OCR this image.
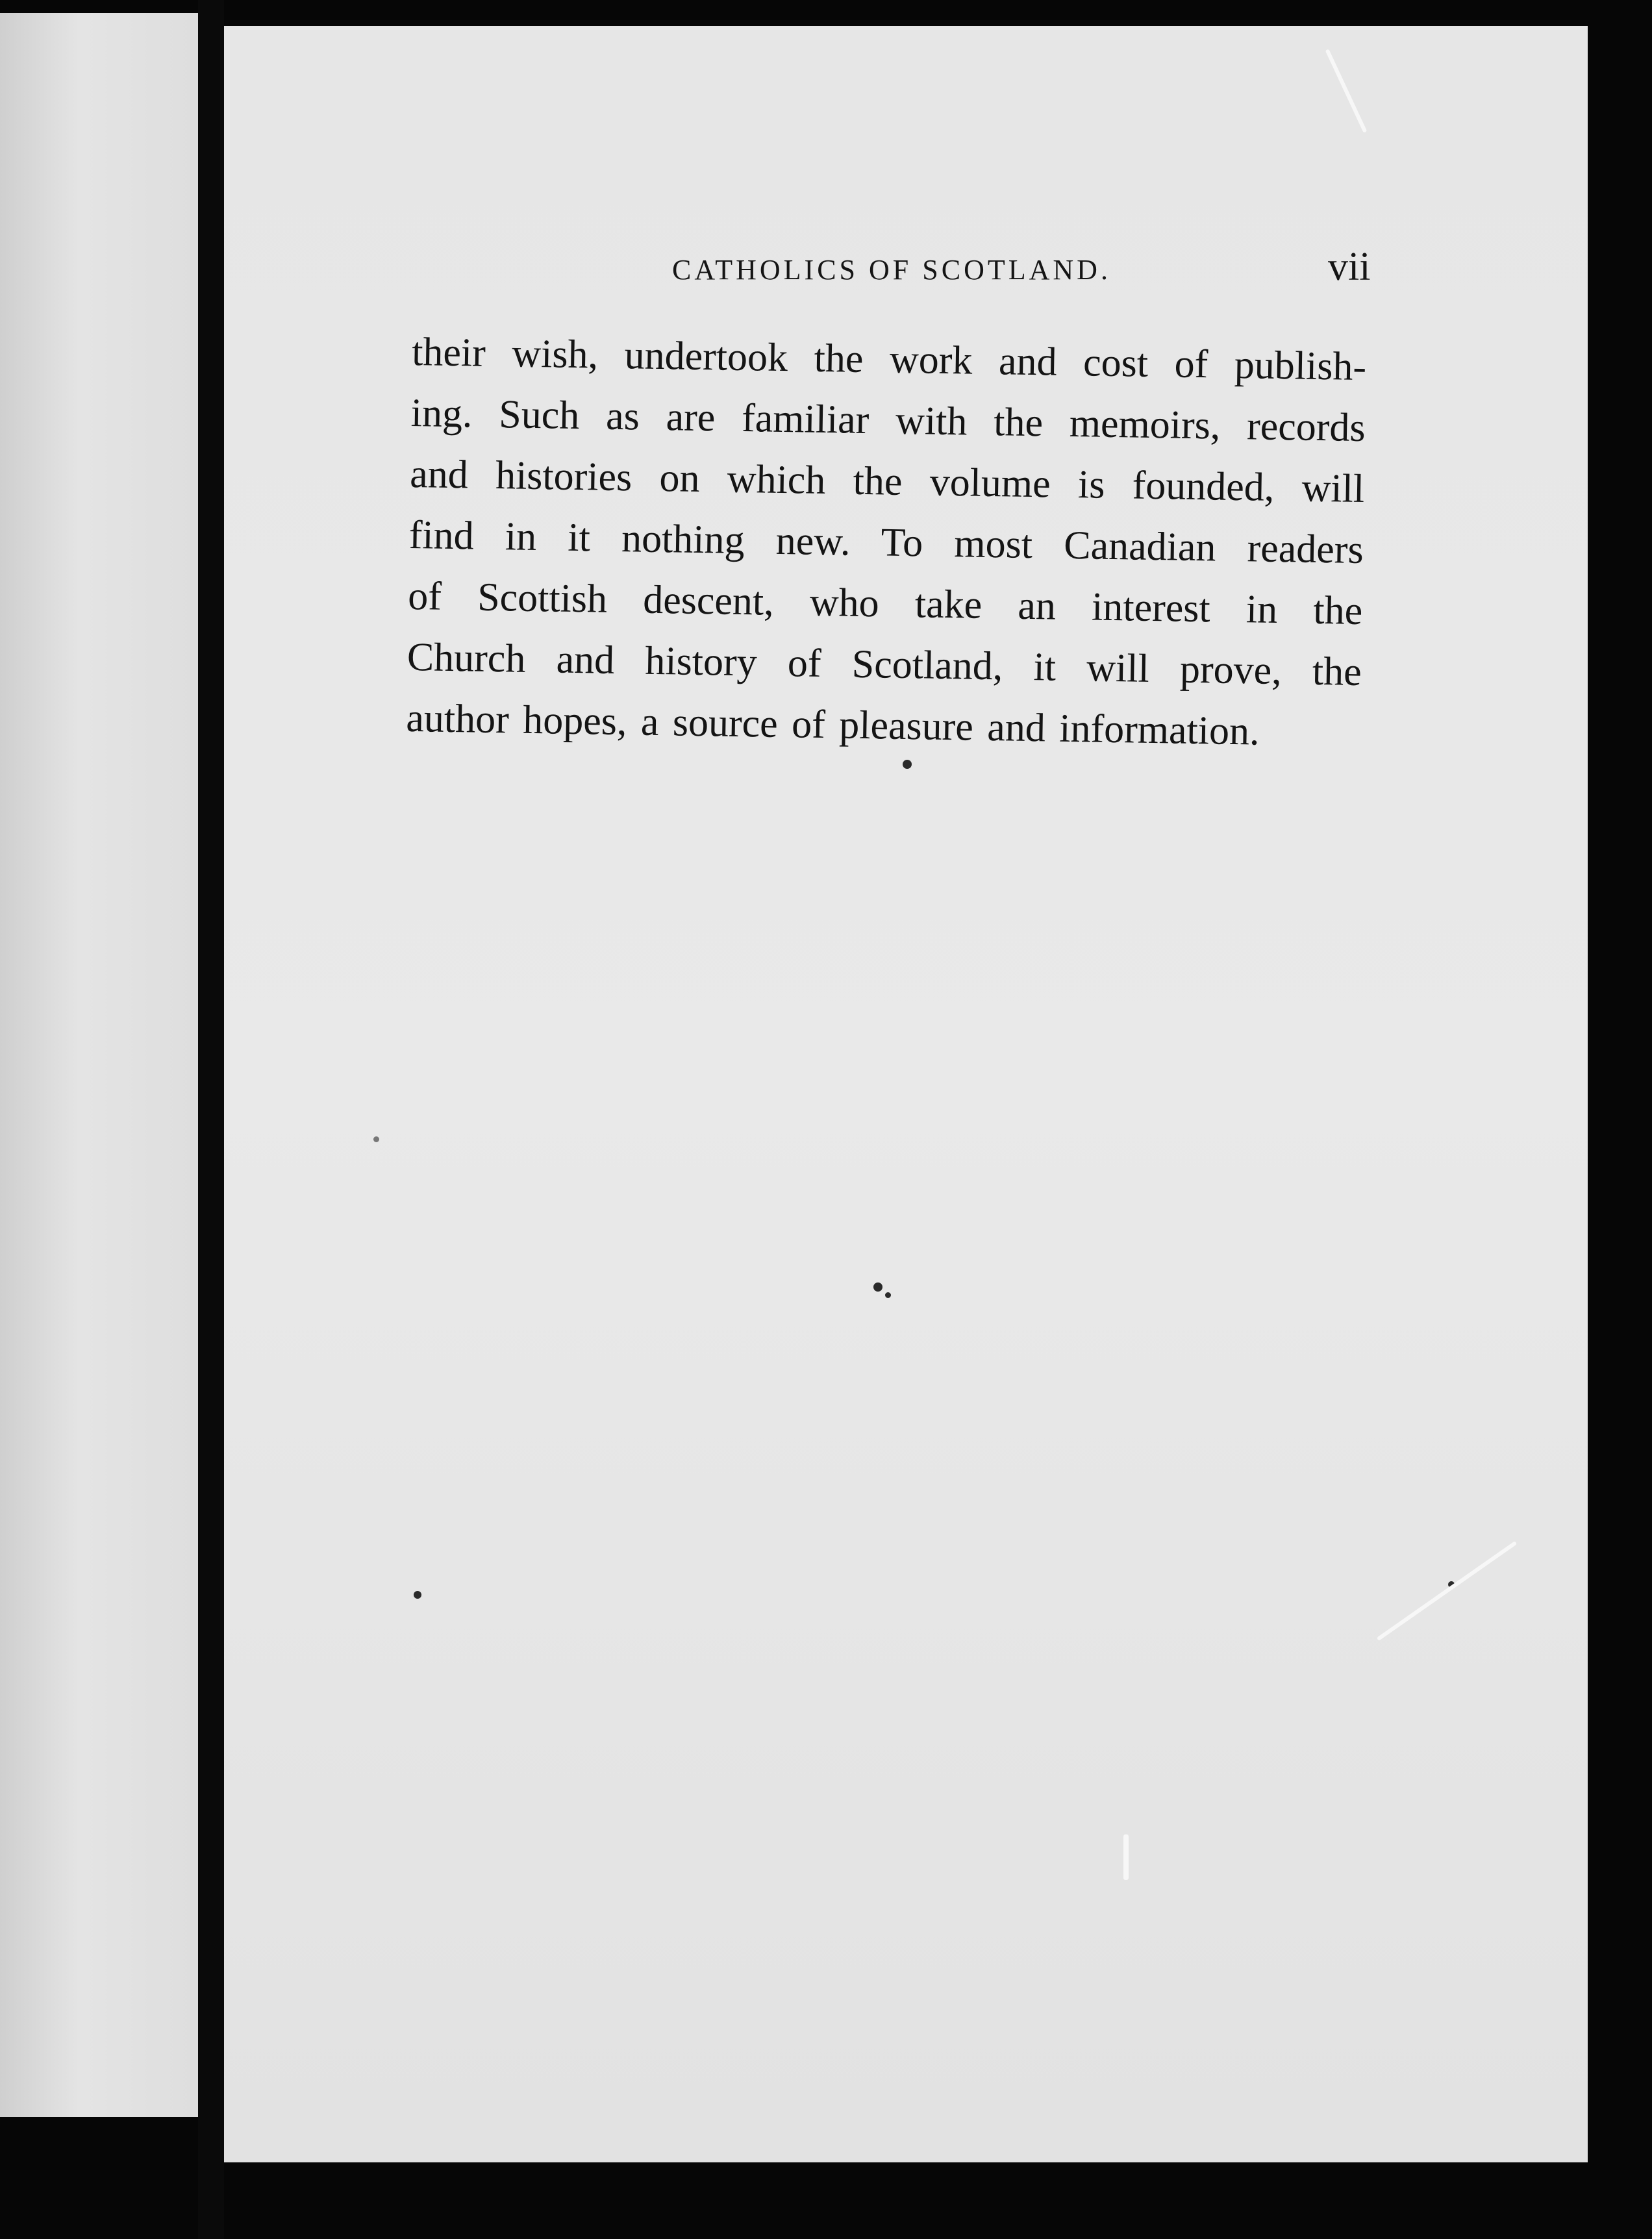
CATHOLICS OF SCOTLAND.	vii
their wish, undertook the work and cost of publish-
ing. Such as are familiar with the memoirs, records
and histories on which the volume is founded, will
find in it nothing new. To most Canadian readers
of Scottish descent, who take an interest in the
Church and history of Scotland, it will prove, the
author hopes, a source of pleasure and information.
